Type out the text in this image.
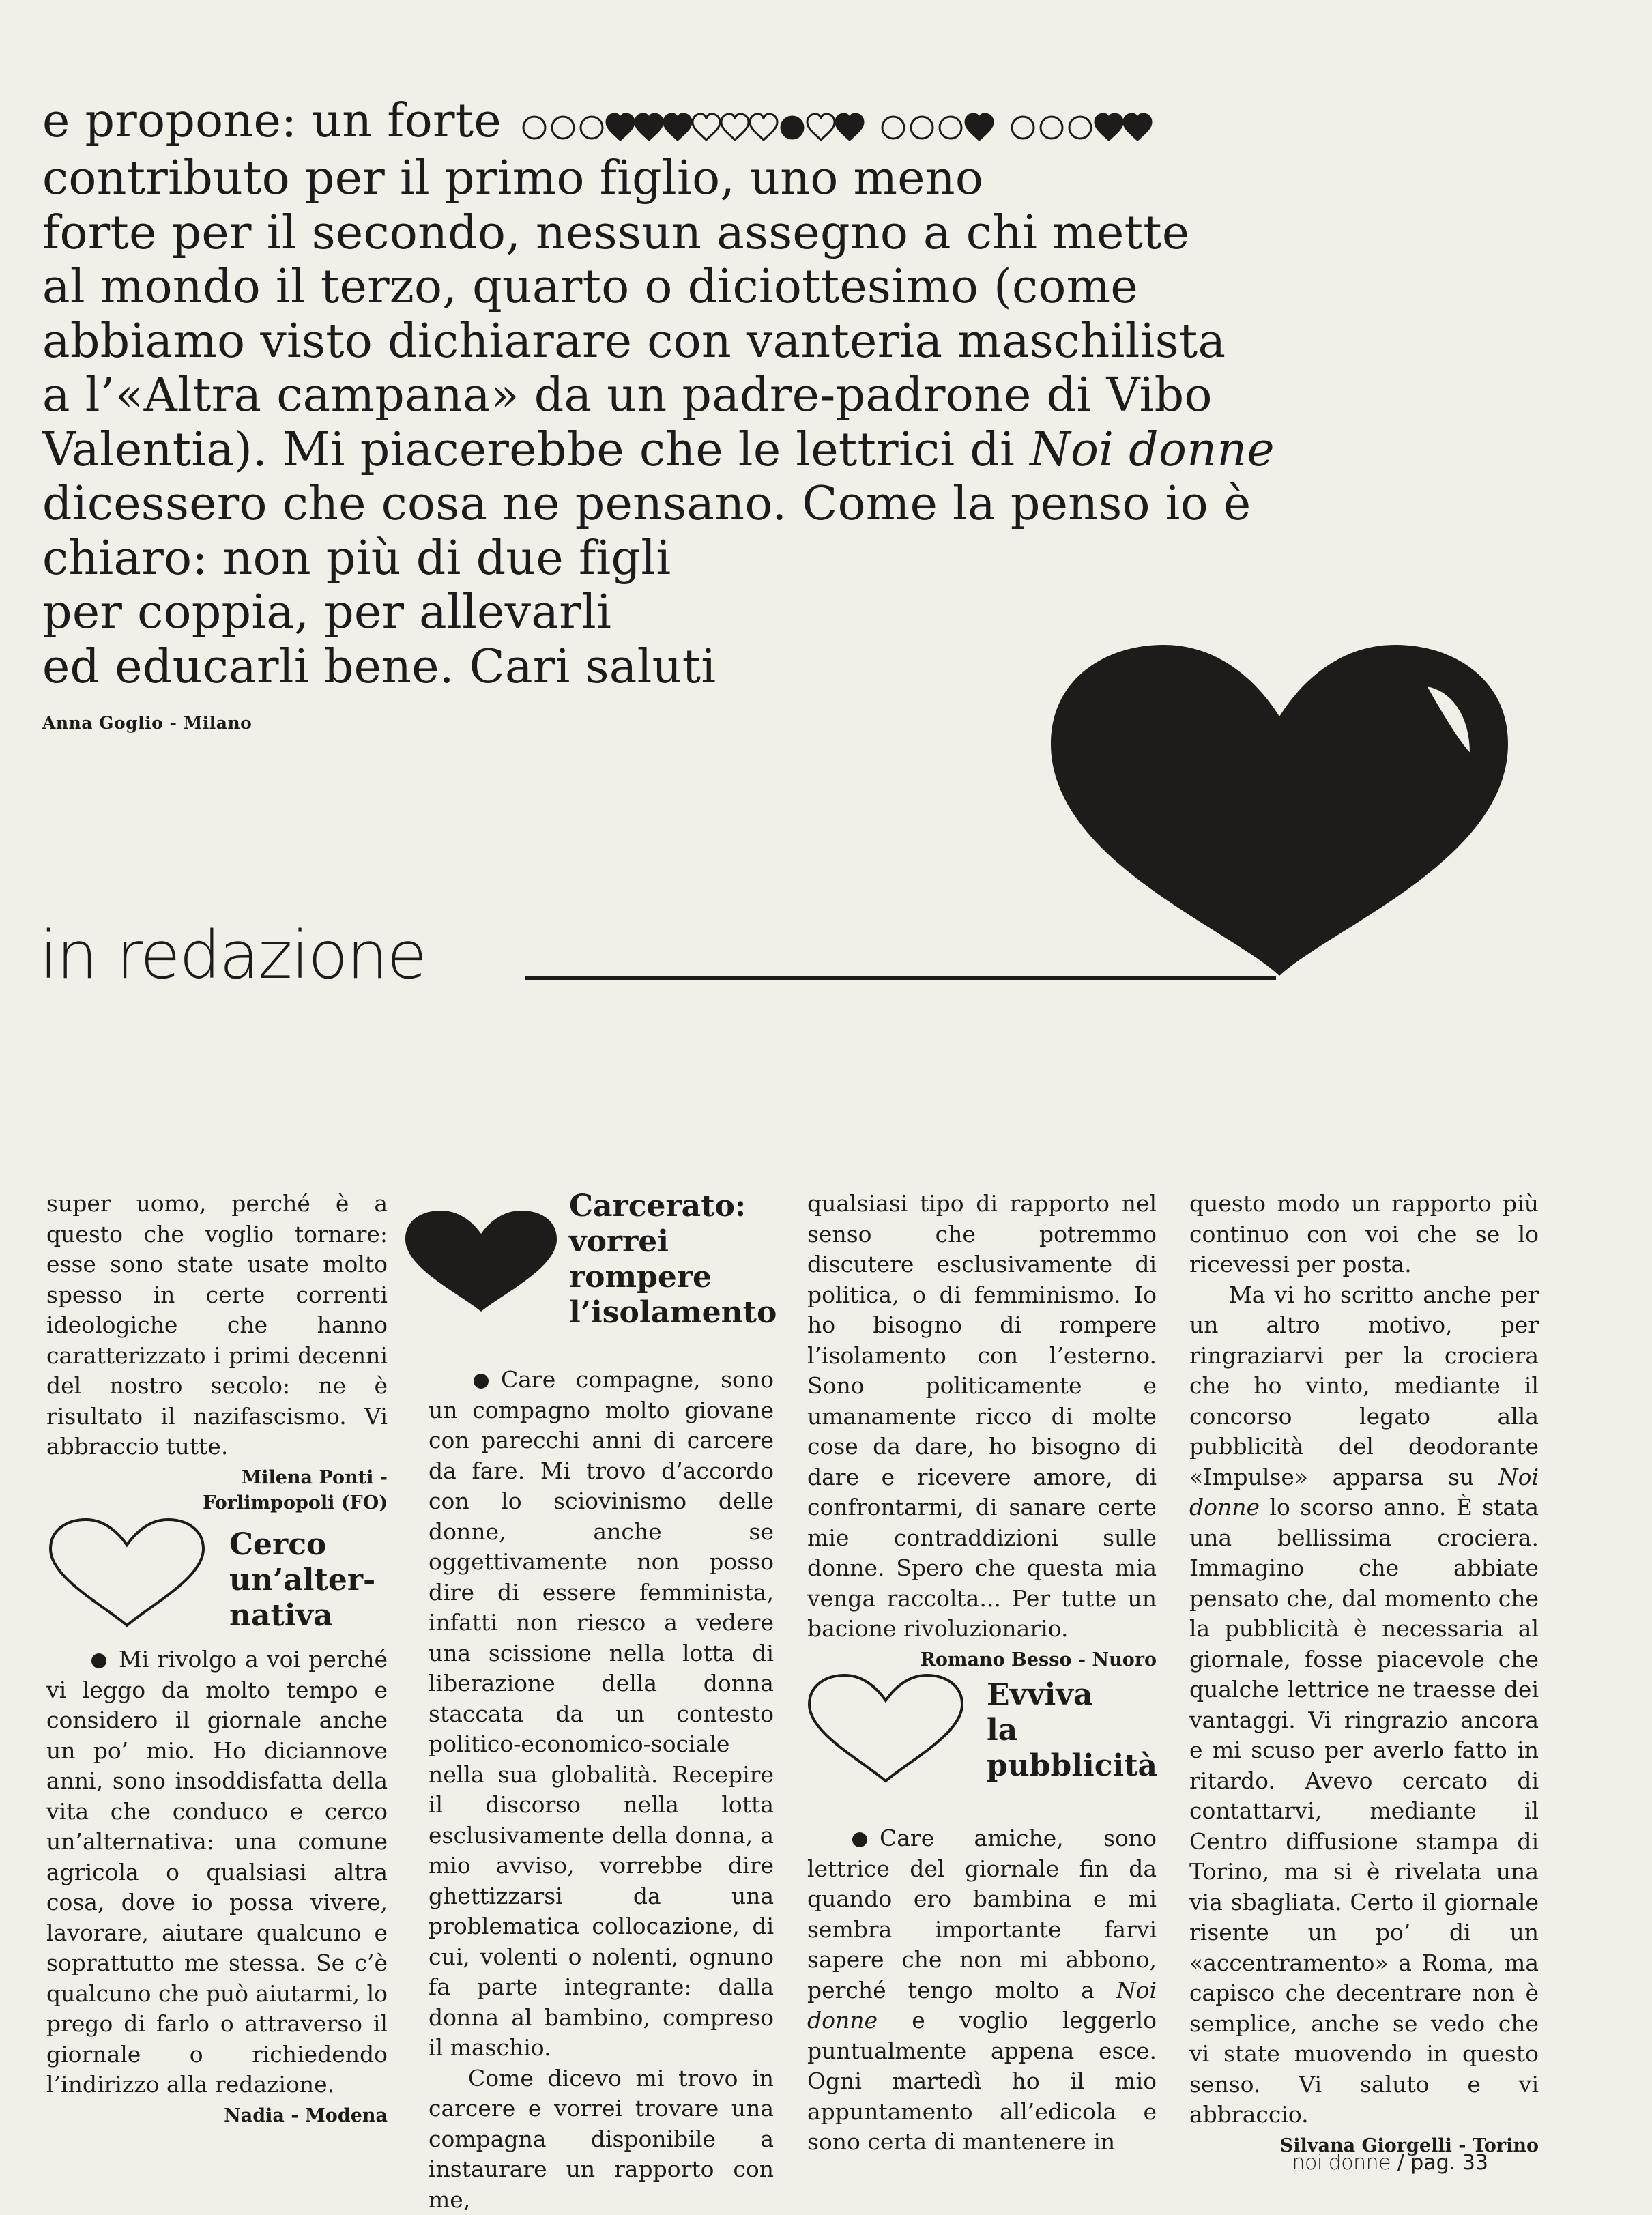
e propone: un forte
contributo per il primo figlio, uno meno
forte per il secondo, nessun assegno a chi mette
al mondo il terzo, quarto o diciottesimo (come
abbiamo visto dichiarare con vanteria maschilista
a l’«Altra campana» da un padre-padrone di Vibo
Valentia). Mi piacerebbe che le lettrici di Noi donne
dicessero che cosa ne pensano. Come la penso io è
chiaro: non più di due figli
per coppia, per allevarli
ed educarli bene. Cari saluti
Anna Goglio - Milano
in redazione

super uomo, perché è a questo che voglio tornare: esse sono state usate molto spesso in certe correnti ideologiche che hanno caratterizzato i primi decenni del nostro secolo: ne è risultato il nazifascismo. Vi abbraccio tutte.

Milena Ponti -
Forlimpopoli (FO)
Cerco
un’alter-
nativa

Mi rivolgo a voi perché vi leggo da molto tempo e considero il giornale anche un po’ mio. Ho diciannove anni, sono insoddisfatta della vita che conduco e cerco un’alternativa: una comune agricola o qualsiasi altra cosa, dove io possa vivere, lavorare, aiutare qualcuno e soprattutto me stessa. Se c’è qualcuno che può aiutarmi, lo prego di farlo o attraverso il giornale o richiedendo l’indirizzo alla redazione.

Nadia - Modena
Carcerato:
vorrei
rompere
l’isolamento

Care compagne, sono un compagno molto giovane con parecchi anni di carcere da fare. Mi trovo d’accordo con lo sciovinismo delle donne, anche se oggettivamente non posso dire di essere femminista, infatti non riesco a vedere una scissione nella lotta di liberazione della donna staccata da un contesto politico-economico-sociale nella sua globalità. Recepire il discorso nella lotta esclusivamente della donna, a mio avviso, vorrebbe dire ghettizzarsi da una problematica collocazione, di cui, volenti o nolenti, ognuno fa parte integrante: dalla donna al bambino, compreso il maschio.

Come dicevo mi trovo in carcere e vorrei trovare una compagna disponibile a instaurare un rapporto con me,

qualsiasi tipo di rapporto nel senso che potremmo discutere esclusivamente di politica, o di femminismo. Io ho bisogno di rompere l’isolamento con l’esterno. Sono politicamente e umanamente ricco di molte cose da dare, ho bisogno di dare e ricevere amore, di confrontarmi, di sanare certe mie contraddizioni sulle donne. Spero che questa mia venga raccolta... Per tutte un bacione rivoluzionario.

Romano Besso - Nuoro
Evviva
la
pubblicità

Care amiche, sono lettrice del giornale fin da quando ero bambina e mi sembra importante farvi sapere che non mi abbono, perché tengo molto a Noi donne e voglio leggerlo puntualmente appena esce. Ogni martedì ho il mio appuntamento all’edicola e sono certa di mantenere in

questo modo un rapporto più continuo con voi che se lo ricevessi per posta.

Ma vi ho scritto anche per un altro motivo, per ringraziarvi per la crociera che ho vinto, mediante il concorso legato alla pubblicità del deodorante «Impulse» apparsa su Noi donne lo scorso anno. È stata una bellissima crociera. Immagino che abbiate pensato che, dal momento che la pubblicità è necessaria al giornale, fosse piacevole che qualche lettrice ne traesse dei vantaggi. Vi ringrazio ancora e mi scuso per averlo fatto in ritardo. Avevo cercato di contattarvi, mediante il Centro diffusione stampa di Torino, ma si è rivelata una via sbagliata. Certo il giornale risente un po’ di un «accentramento» a Roma, ma capisco che decentrare non è semplice, anche se vedo che vi state muovendo in questo senso. Vi saluto e vi abbraccio.

Silvana Giorgelli - Torino
noi donne / pag. 33
